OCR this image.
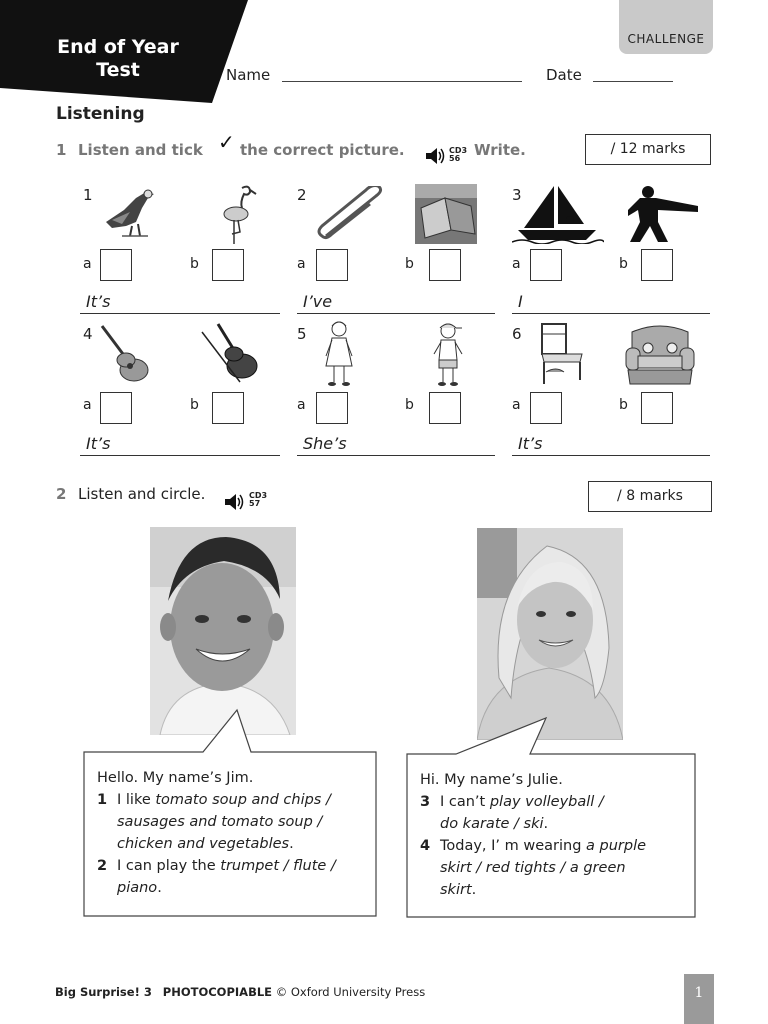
End of Year
Test
CHALLENGE
Name	Date
Listening
1 Listen and tick ✓ the correct picture.	CD3
56 Write.	/ 12 marks
1
a	b
It’s
2
a	b
I’ve
3
a	b
I
4
a	b
It’s
5
a	b
She’s
6
a	b
It’s
2 Listen and circle.	CD3
57	/ 8 marks
Hello. My name’s Jim.
1 I like tomato soup and chips /
sausages and tomato soup /
chicken and vegetables.
2 I can play the trumpet / flute /
piano.
Hi. My name’s Julie.
3 I can’t play volleyball /
do karate / ski.
4 Today, I’ m wearing a purple
skirt / red tights / a green
skirt.
Big Surprise! 3 PHOTOCOPIABLE © Oxford University Press	1
